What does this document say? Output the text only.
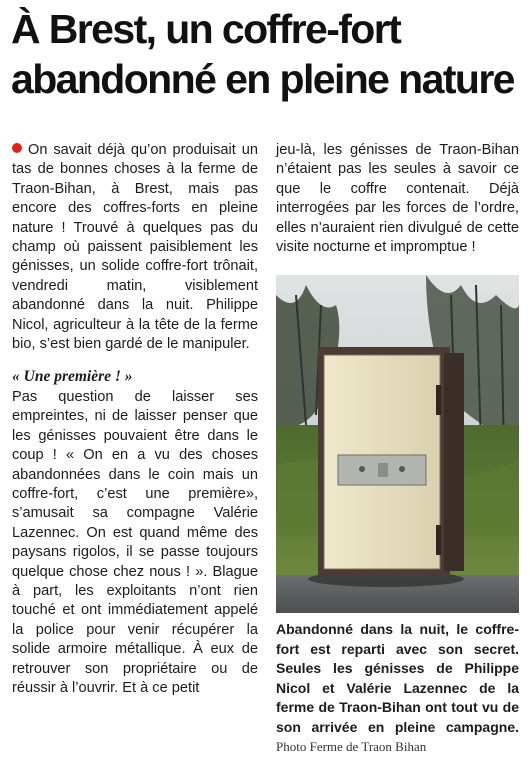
À Brest, un coffre-fort abandonné en pleine nature

On savait déjà qu’on produisait un tas de bonnes choses à la ferme de Traon-Bihan, à Brest, mais pas encore des coffres-forts en pleine nature ! Trouvé à quelques pas du champ où paissent paisiblement les génisses, un solide coffre-fort trônait, vendredi matin, visiblement abandonné dans la nuit. Philippe Nicol, agriculteur à la tête de la ferme bio, s’est bien gardé de le manipuler.

« Une première ! »

Pas question de laisser ses empreintes, ni de laisser penser que les génisses pouvaient être dans le coup ! « On en a vu des choses abandonnées dans le coin mais un coffre-fort, c’est une première», s’amusait sa compagne Valérie Lazennec. On est quand même des paysans rigolos, il se passe toujours quelque chose chez nous ! ». Blague à part, les exploitants n’ont rien touché et ont immédiatement appelé la police pour venir récupérer la solide armoire métallique. À eux de retrouver son propriétaire ou de réussir à l’ouvrir. Et à ce petit

jeu-là, les génisses de Traon-Bihan n’étaient pas les seules à savoir ce que le coffre contenait. Déjà interrogées par les forces de l’ordre, elles n’auraient rien divulgué de cette visite nocturne et impromptue !

Abandonné dans la nuit, le coffre-fort est reparti avec son secret. Seules les génisses de Philippe Nicol et Valérie Lazennec de la ferme de Traon-Bihan ont tout vu de son arrivée en pleine campagne. Photo Ferme de Traon Bihan
